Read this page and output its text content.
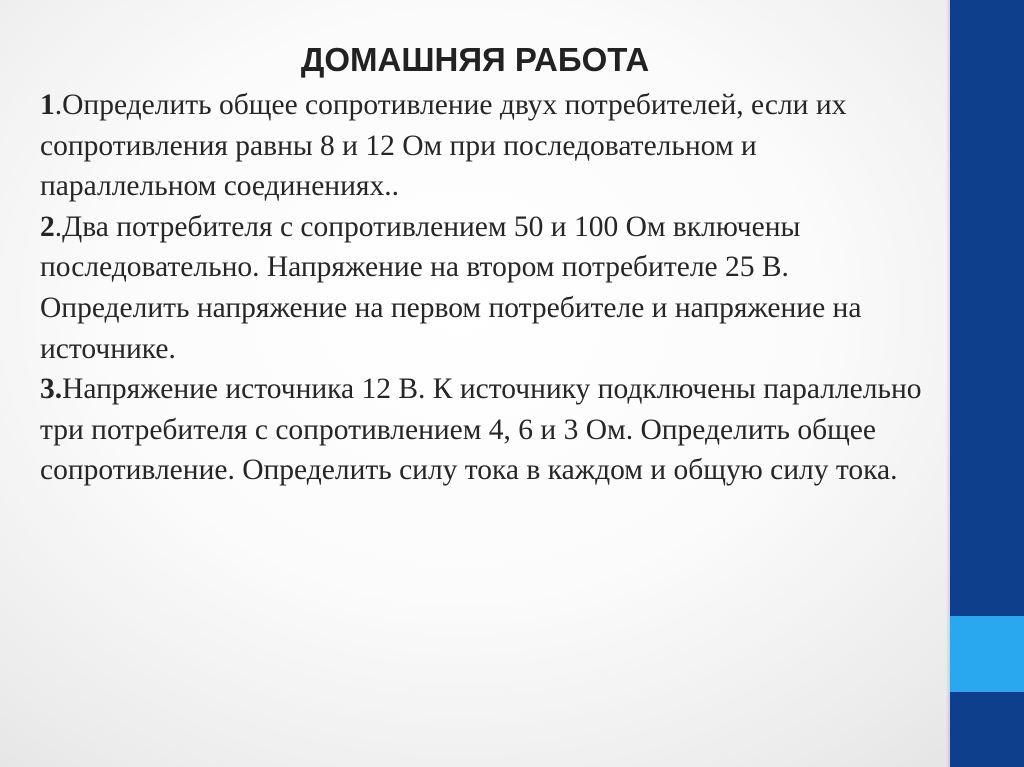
ДОМАШНЯЯ РАБОТА

1.Определить общее сопротивление двух потребителей, если их сопротивления равны 8 и 12 Ом при последовательном и параллельном соединениях..

2.Два потребителя с сопротивлением 50 и 100 Ом включены последовательно. Напряжение на втором потребителе 25 В. Определить напряжение на первом потребителе и напряжение на источнике.

3.Напряжение источника 12 В. К источнику подключены параллельно три потребителя с сопротивлением 4, 6 и 3 Ом. Определить общее сопротивление. Определить силу тока в каждом и общую силу тока.
